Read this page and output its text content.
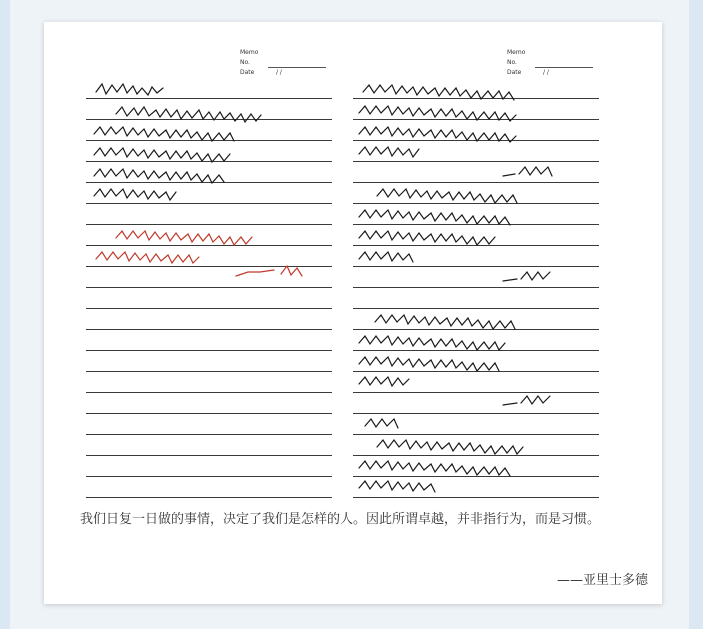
Memo No.
Date	/ /
Memo No.
Date	/ /

我们日复一日做的事情，决定了我们是怎样的人。因此所谓卓越，并非指行为，而是习惯。

——亚里士多德
